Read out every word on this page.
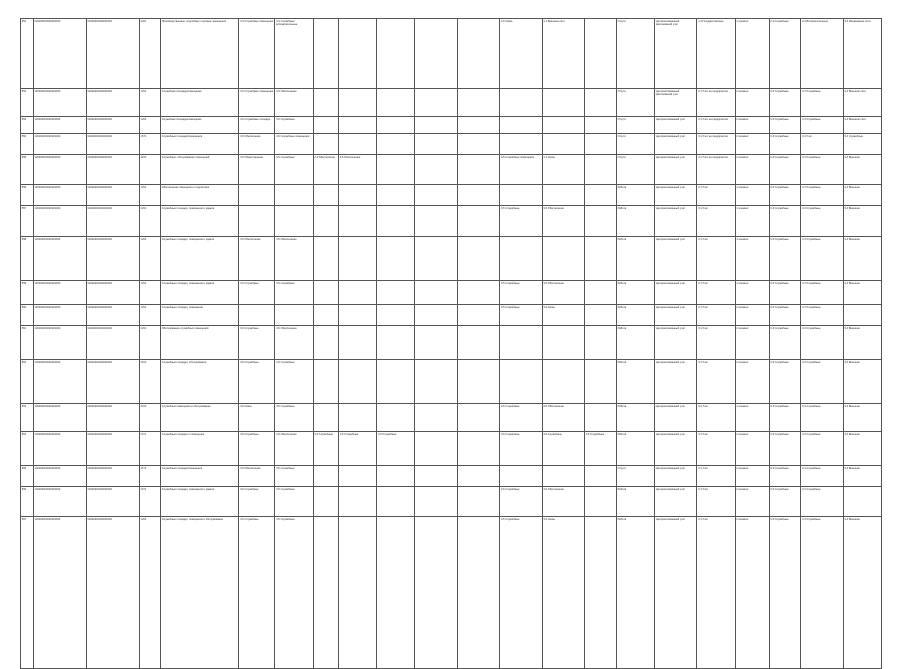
551	020000000000000000	03000000000000000	4401	Производственные, подсобные торговые помещения	2.3 Служебные помещения	3.4 Служебные вспомогательные						3.0 Связь	1.1 Внешние сети		Отсутс.	Централизованный (автономный) учет	1.1 Государственные	1 элемент	2.4 Служебные	3.4 Вспомогательные	3.4 Инженерные сети
552	100000000000000000	00000000000000000	1204	Служебная площадь/помещение	3.0 Служебные помещения	3.6 Обеспечение									Отсутс.	Централизованный (автономный) учет	3.1 Учет на предприятии	2 элемент	3.3 Служебные	3.4 Служебные	3.4 Внешние сети
553	100000000000000000	00000000000000000	1204	Служебная площадь/помещение	3.0 Служебные площади	3.0 Служебные									Отсутс.	Централизованный учет	3.1 Учет на предприятии	2 элемент	3.3 Служебные	3.4 Служебные	3.4 Внешние сети
554	100000000000000000	00000000000000000	1574	Служебные площади/помещения	3.6 Обеспечение	3.6 Служебные помещения									Отсутс.	Централизованный учет	3.1 Учет на предприятии	2 элемент	3.3 Служебные	3.4 Учет	3.4 Служебные
555	100000000000000000	00000000000000000	4103	Служебные, обслуживание помещений	3.6 Общественные	3.6 Служебные	2.4 Обеспечение	3.6 Обеспечение				3.6 Служебные помещения	1.1 Связь		Отсутс.	Централизованный учет	3.1 Учет на предприятии	2 элемент	3.3 Служебные	3.4 Служебные	3.4 Внешние
556	100000000000000000	00000000000000000	1204	Обеспечение помещения и территории											Работа	Централизованный учет	3.1 Учет	1 элемент	3.3 Служебные	3.4 Служебные	3.4 Внешние
557	100000000000000000	00000000000000000	1204	Служебные площади, помещения и здания								3.6 Служебные	3.6 Обеспечение		Работа	Централизованный учет	3.1 Учет	1 элемент	3.3 Служебные	3.4 Служебные	3.4 Внешние
558	100000000000000000	00000000000000000	1204	Служебные площади, помещения и здания	3.6 Обеспечение	3.6 Обеспечение									Работа	Централизованный учет	3.1 Учет	1 элемент	3.3 Служебные	3.4 Служебные	3.4 Внешние
559	100000000000000000	00000000000000000	1204	Служебные площади, помещения и здания	3.6 Служебные	3.6 Служебные						3.6 Служебные	3.6 Обеспечение		Работа	Централизованный учет	3.1 Учет	1 элемент	3.3 Служебные	3.4 Служебные	3.4 Внешние
560	100000000000000000	00000000000000000	1204	Служебные площади, помещения								3.6 Служебные	3.6 Связь		Работа	Централизованный учет	3.1 Учет	2 элемент	3.3 Служебные	3.4 Служебные	
561	100000000000000000	00000000000000000	1204	Обслуживание служебных помещений	3.6 Служебные	3.6 Обеспечение									Работа	Централизованный учет	3.1 Учет	2 элемент	3.3 Служебные	3.4 Служебные	3.4 Внешние
562	100000000000000000	00000000000000000	4103	Служебные площади, обслуживание	3.6 Служебные	3.6 Служебные									Работа	Централизованный учет	3.1 Учет	2 элемент	3.3 Служебные	3.4 Служебные	3.4 Внешние
563	100000000000000000	00000000000000000	4103	Служебные помещения и обслуживание	3.6 Связь	3.6 Служебные						3.6 Служебные	3.6 Обеспечение		Работа	Централизованный учет	3.1 Учет	1 элемент	3.3 Служебные	3.4 Служебные	3.4 Внешние
564	100000000000000000	00000000000000000	1574	Служебные площади и помещения	3.6 Служебные	3.6 Обеспечение	3.6 Служебные	3.6 Служебные	3.6 Служебные			3.6 Служебные	3.6 Служебные	3.6 Служебные	Работа	Централизованный учет	3.1 Учет	2 элемент	3.3 Служебные	3.4 Служебные	3.4 Внешние
565	100000000000000000	00000000000000000	1574	Служебные площади/помещения	3.6 Обеспечение	3.6 Служебные									Отсутс.	Централизованный учет	3.1 Учет	2 элемент	3.3 Служебные	3.4 Служебные	3.4 Внешние
566	100000000000000000	00000000000000000	1574	Служебные площади, помещения и здания	3.6 Служебные	3.6 Служебные						3.6 Служебные	3.6 Обеспечение		Работа	Централизованный учет	3.1 Учет	2 элемент	3.3 Служебные	3.4 Служебные	
567	100000000000000000	00000000000000000	1204	Служебные площади, помещения и обслуживание	3.6 Служебные	3.6 Служебные						3.6 Служебные	3.6 Связь		Работа	Централизованный учет	3.1 Учет	2 элемент	3.3 Служебные	3.4 Служебные	3.4 Внешние
